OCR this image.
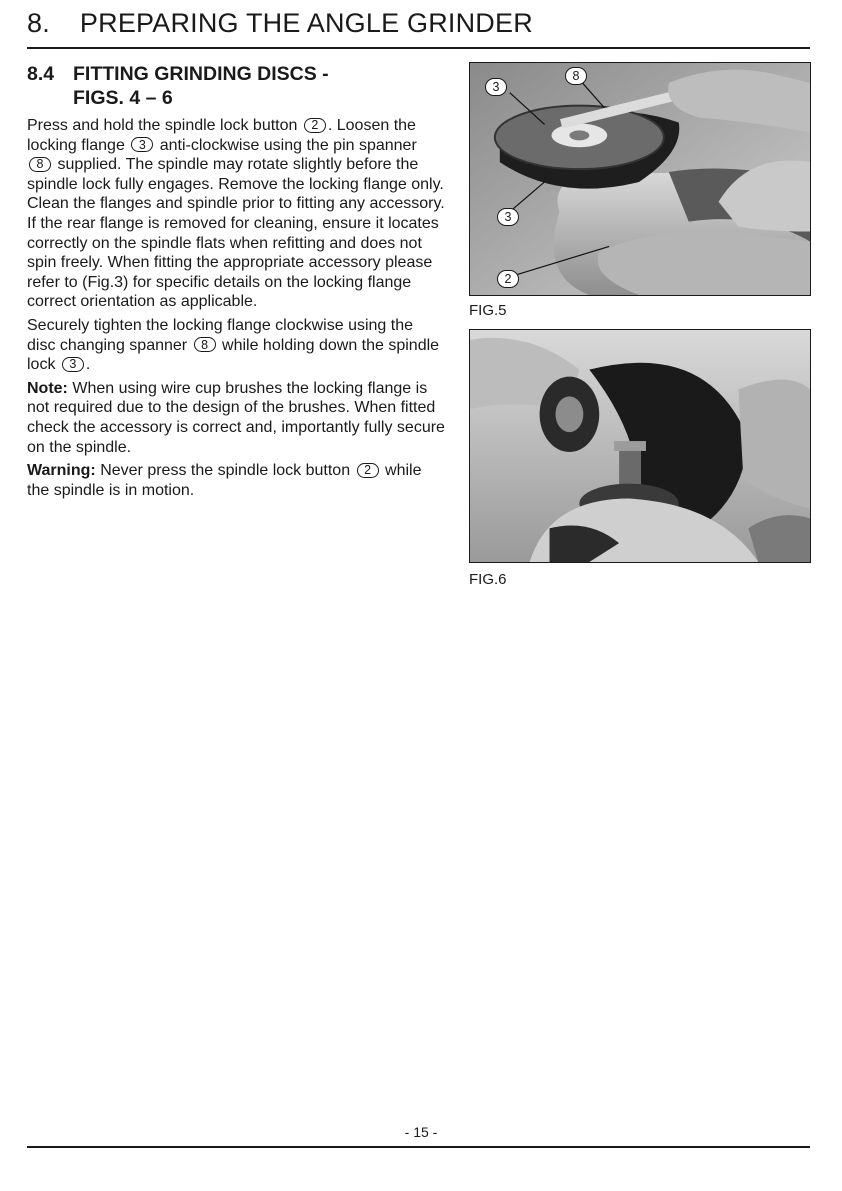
8. PREPARING THE ANGLE GRINDER
8.4 FITTING GRINDING DISCS -
FIGS. 4 – 6

Press and hold the spindle lock button 2 . Loosen the locking flange 3 anti-clockwise using the pin spanner 8 supplied. The spindle may rotate slightly before the spindle lock fully engages. Remove the locking flange only. Clean the flanges and spindle prior to fitting any accessory. If the rear flange is removed for cleaning, ensure it locates correctly on the spindle flats when refitting and does not spin freely. When fitting the appropriate accessory please refer to (Fig.3) for specific details on the locking flange correct orientation as applicable.

Securely tighten the locking flange clockwise using the disc changing spanner 8 while holding down the spindle lock 3 .

Note: When using wire cup brushes the locking flange is not required due to the design of the brushes. When fitted check the accessory is correct and, importantly fully secure on the spindle.

Warning: Never press the spindle lock button 2 while the spindle is in motion.

3
8
3
2
FIG.5
FIG.6
- 15 -
